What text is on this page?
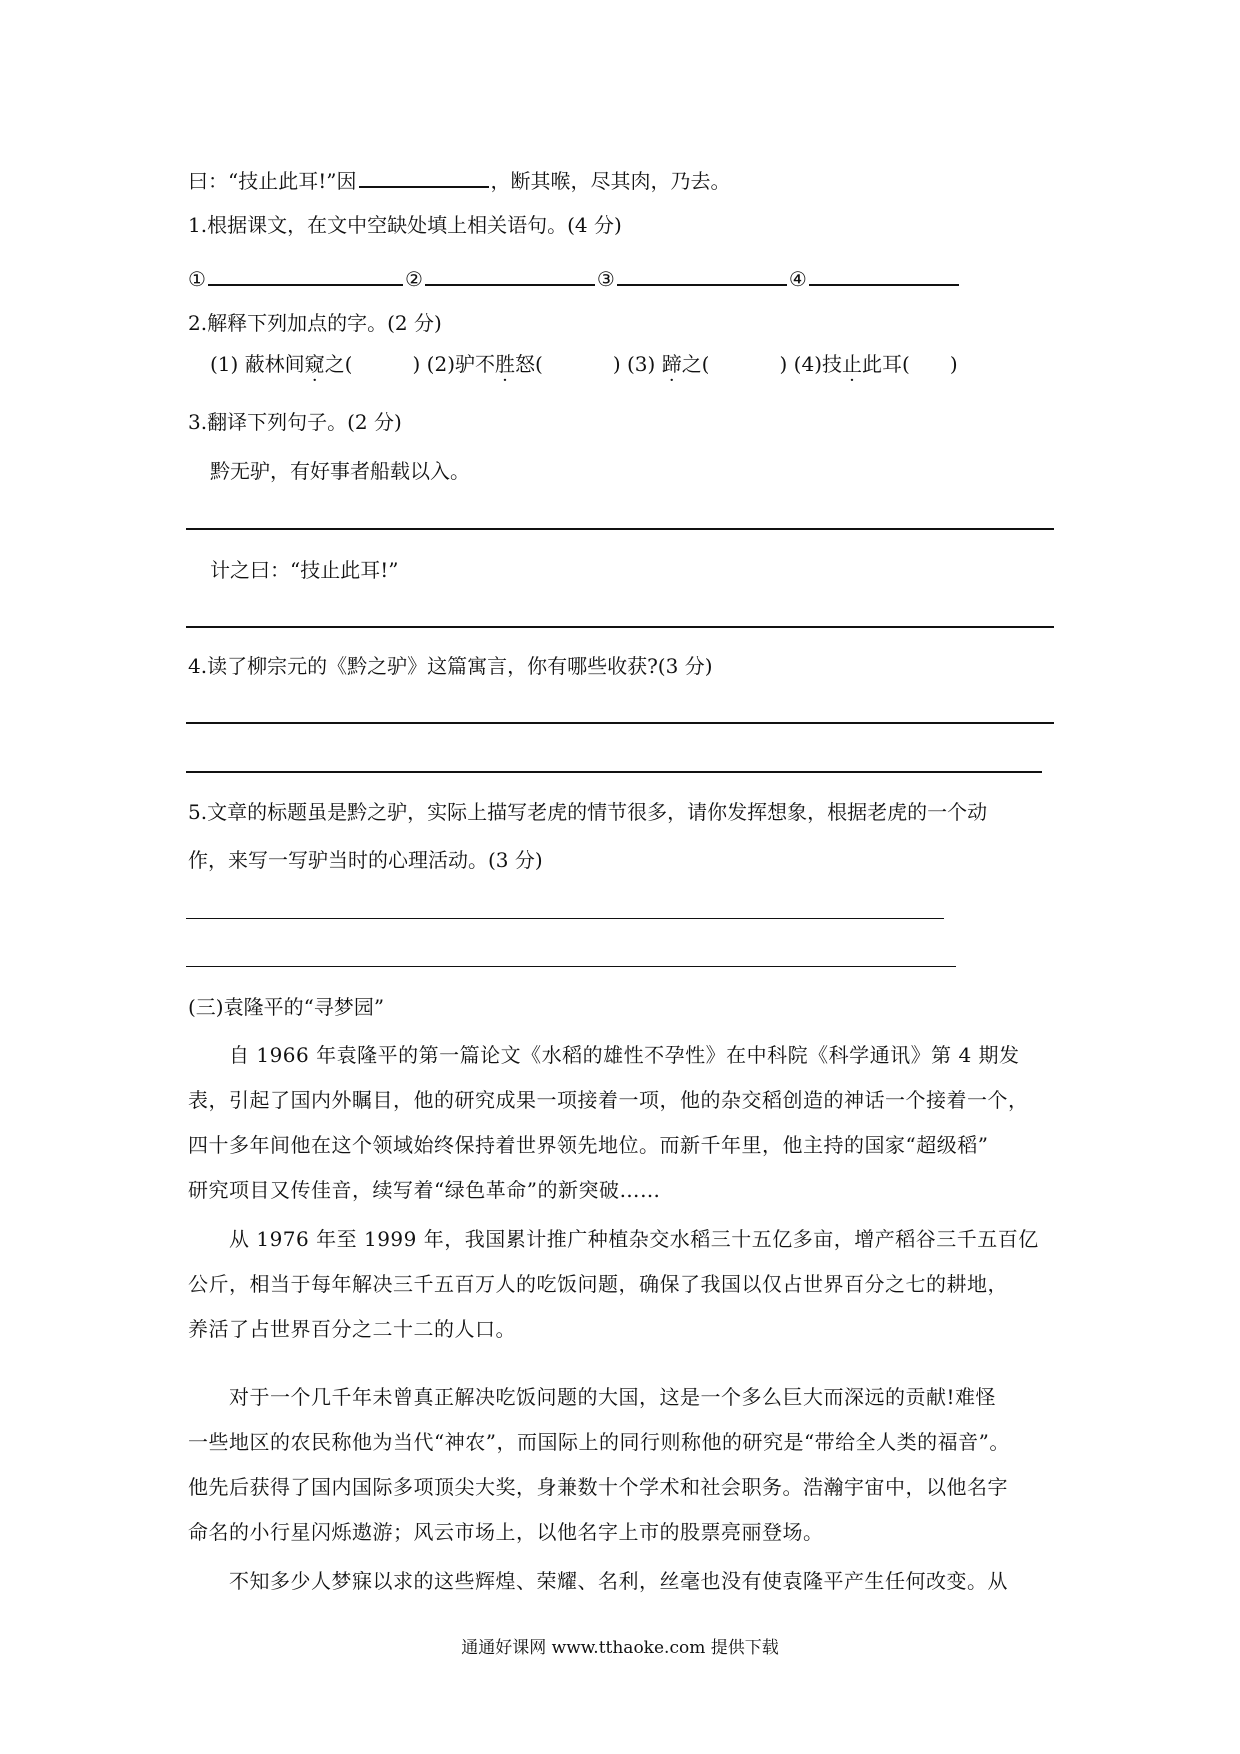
曰：“技止此耳!”因	，断其喉，尽其肉，乃去。
1.根据课文，在文中空缺处填上相关语句。(4 分)
①	②	③	④
2.解释下列加点的字。(2 分)
(1) 蔽林间窥之(	) (2)驴不胜怒(	) (3) 蹄之(	) (4)技止此耳( )
3.翻译下列句子。(2 分)
黔无驴，有好事者船载以入。
计之曰：“技止此耳!”
4.读了柳宗元的《黔之驴》这篇寓言，你有哪些收获?(3 分)
5.文章的标题虽是黔之驴，实际上描写老虎的情节很多，请你发挥想象，根据老虎的一个动
作，来写一写驴当时的心理活动。(3 分)
(三)袁隆平的“寻梦园”
　　自 1966 年袁隆平的第一篇论文《水稻的雄性不孕性》在中科院《科学通讯》第 4 期发
表，引起了国内外瞩目，他的研究成果一项接着一项，他的杂交稻创造的神话一个接着一个，
四十多年间他在这个领域始终保持着世界领先地位。而新千年里，他主持的国家“超级稻”
研究项目又传佳音，续写着“绿色革命”的新突破……
　　从 1976 年至 1999 年，我国累计推广种植杂交水稻三十五亿多亩，增产稻谷三千五百亿
公斤，相当于每年解决三千五百万人的吃饭问题，确保了我国以仅占世界百分之七的耕地，
养活了占世界百分之二十二的人口。
　　对于一个几千年未曾真正解决吃饭问题的大国，这是一个多么巨大而深远的贡献!难怪
一些地区的农民称他为当代“神农”，而国际上的同行则称他的研究是“带给全人类的福音”。
他先后获得了国内国际多项顶尖大奖，身兼数十个学术和社会职务。浩瀚宇宙中，以他名字
命名的小行星闪烁遨游；风云市场上，以他名字上市的股票亮丽登场。
　　不知多少人梦寐以求的这些辉煌、荣耀、名利，丝毫也没有使袁隆平产生任何改变。从
通通好课网 www.tthaoke.com 提供下载
